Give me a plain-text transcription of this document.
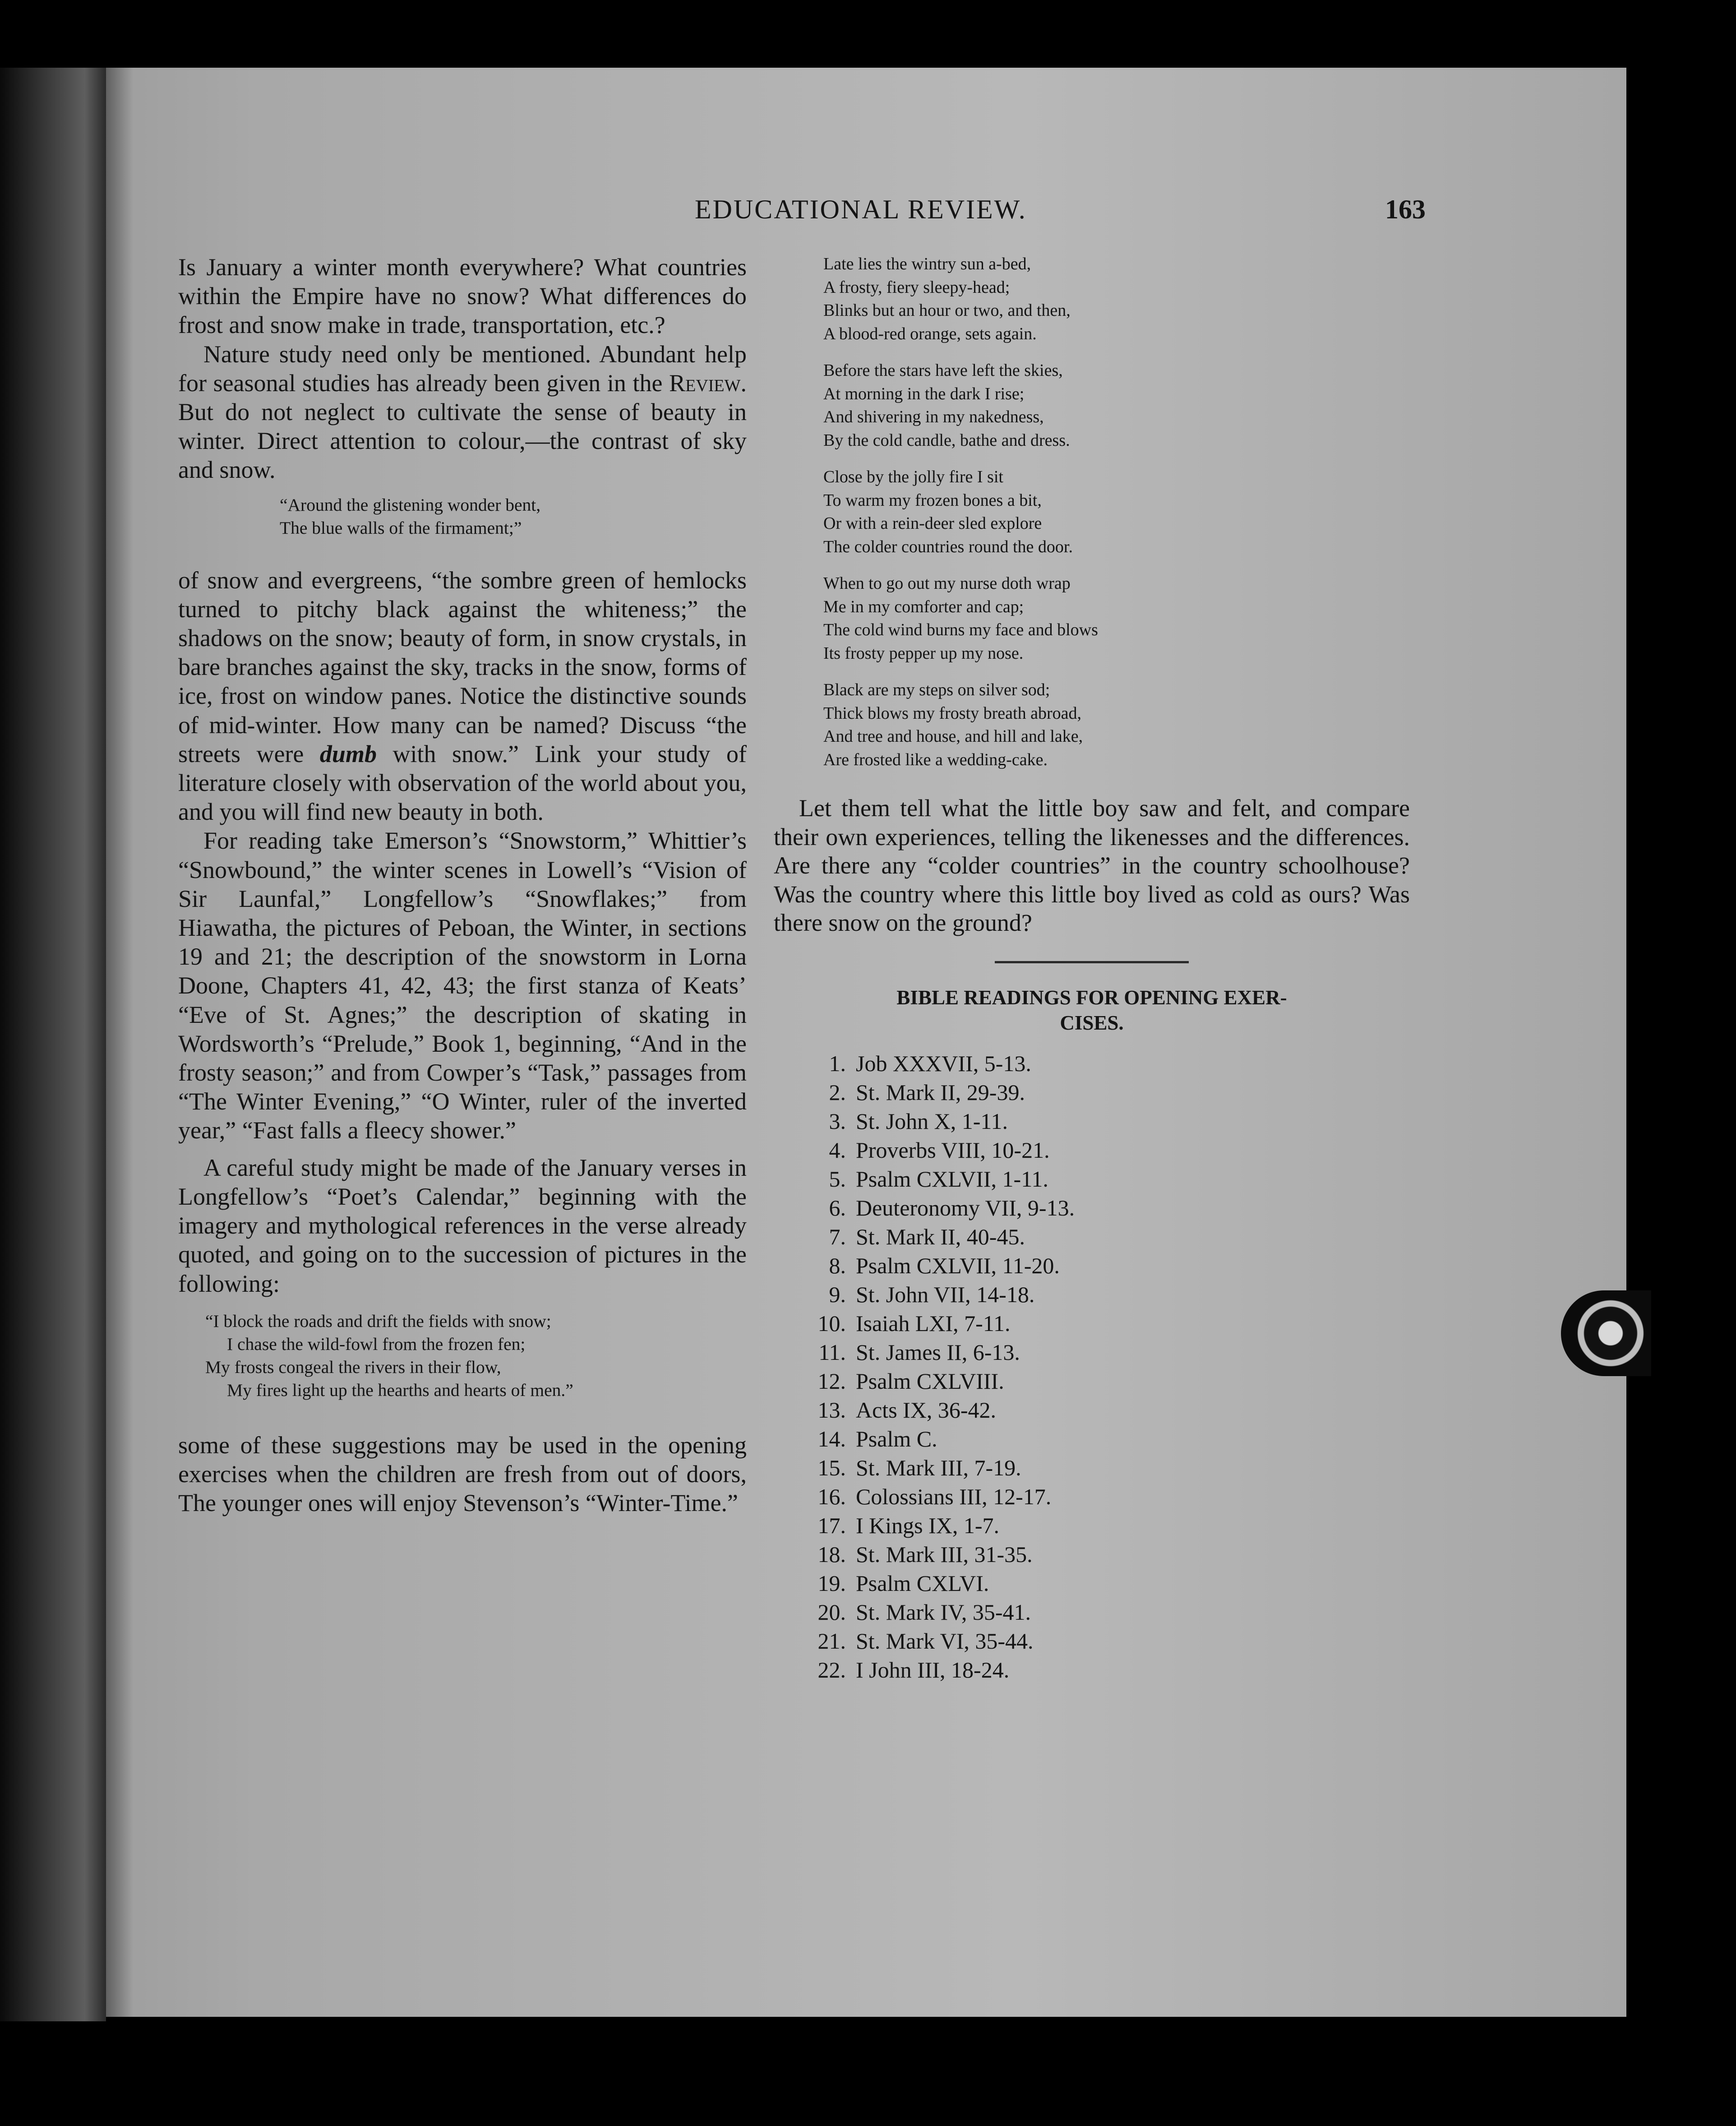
EDUCATIONAL REVIEW.	163

Is January a winter month everywhere? What countries within the Empire have no snow? What differences do frost and snow make in trade, transportation, etc.?

Nature study need only be mentioned. Abundant help for seasonal studies has already been given in the Review. But do not neglect to cultivate the sense of beauty in winter. Direct attention to colour,—the contrast of sky and snow.

“Around the glistening wonder bent,
The blue walls of the firmament;”

of snow and evergreens, “the sombre green of hemlocks turned to pitchy black against the whiteness;” the shadows on the snow; beauty of form, in snow crystals, in bare branches against the sky, tracks in the snow, forms of ice, frost on window panes. Notice the distinctive sounds of mid-winter. How many can be named? Discuss “the streets were dumb with snow.” Link your study of literature closely with observation of the world about you, and you will find new beauty in both.

For reading take Emerson’s “Snowstorm,” Whittier’s “Snowbound,” the winter scenes in Lowell’s “Vision of Sir Launfal,” Longfellow’s “Snowflakes;” from Hiawatha, the pictures of Peboan, the Winter, in sections 19 and 21; the description of the snowstorm in Lorna Doone, Chapters 41, 42, 43; the first stanza of Keats’ “Eve of St. Agnes;” the description of skating in Wordsworth’s “Prelude,” Book 1, beginning, “And in the frosty season;” and from Cowper’s “Task,” passages from “The Winter Evening,” “O Winter, ruler of the inverted year,” “Fast falls a fleecy shower.”

A careful study might be made of the January verses in Longfellow’s “Poet’s Calendar,” beginning with the imagery and mythological references in the verse already quoted, and going on to the succession of pictures in the following:

“I block the roads and drift the fields with snow;
I chase the wild-fowl from the frozen fen;
My frosts congeal the rivers in their flow,
My fires light up the hearths and hearts of men.”

some of these suggestions may be used in the opening exercises when the children are fresh from out of doors, The younger ones will enjoy Stevenson’s “Winter-Time.”

Late lies the wintry sun a-bed,
A frosty, fiery sleepy-head;
Blinks but an hour or two, and then,
A blood-red orange, sets again.
Before the stars have left the skies,
At morning in the dark I rise;
And shivering in my nakedness,
By the cold candle, bathe and dress.
Close by the jolly fire I sit
To warm my frozen bones a bit,
Or with a rein-deer sled explore
The colder countries round the door.
When to go out my nurse doth wrap
Me in my comforter and cap;
The cold wind burns my face and blows
Its frosty pepper up my nose.
Black are my steps on silver sod;
Thick blows my frosty breath abroad,
And tree and house, and hill and lake,
Are frosted like a wedding-cake.

Let them tell what the little boy saw and felt, and compare their own experiences, telling the likenesses and the differences. Are there any “colder countries” in the country schoolhouse? Was the country where this little boy lived as cold as ours? Was there snow on the ground?

BIBLE READINGS FOR OPENING EXER-
CISES.
1. Job XXXVII, 5-13.
2. St. Mark II, 29-39.
3. St. John X, 1-11.
4. Proverbs VIII, 10-21.
5. Psalm CXLVII, 1-11.
6. Deuteronomy VII, 9-13.
7. St. Mark II, 40-45.
8. Psalm CXLVII, 11-20.
9. St. John VII, 14-18.
10. Isaiah LXI, 7-11.
11. St. James II, 6-13.
12. Psalm CXLVIII.
13. Acts IX, 36-42.
14. Psalm C.
15. St. Mark III, 7-19.
16. Colossians III, 12-17.
17. I Kings IX, 1-7.
18. St. Mark III, 31-35.
19. Psalm CXLVI.
20. St. Mark IV, 35-41.
21. St. Mark VI, 35-44.
22. I John III, 18-24.
